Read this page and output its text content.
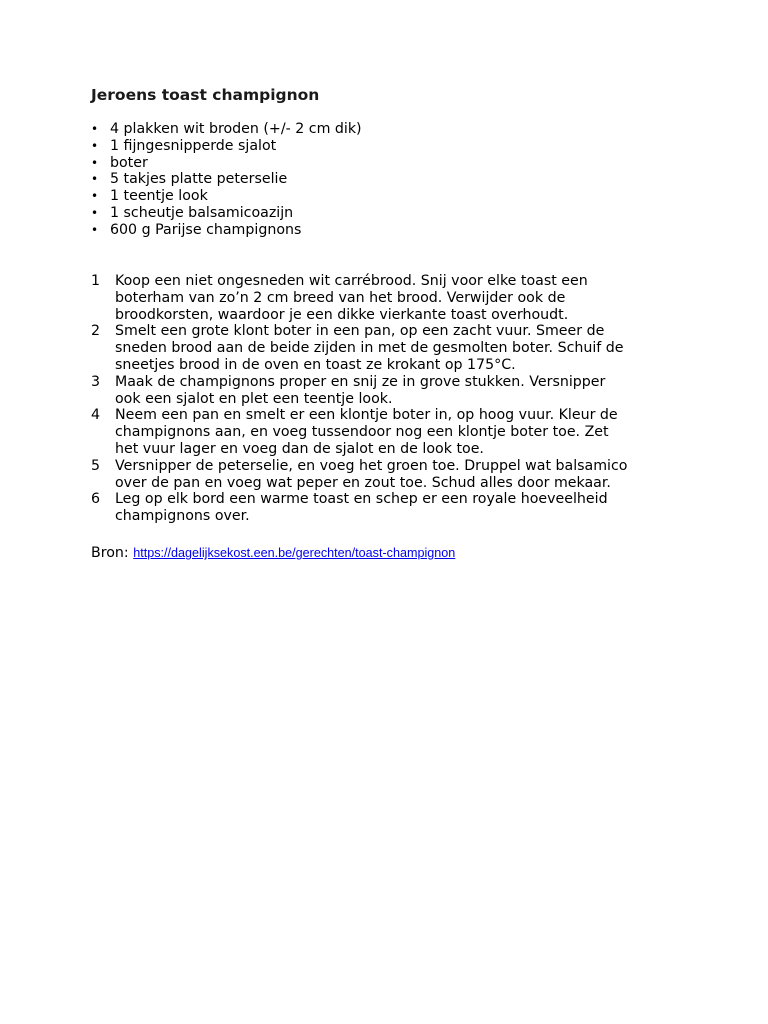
Jeroens toast champignon
• 4 plakken wit broden (+/- 2 cm dik)
• 1 fijngesnipperde sjalot
• boter
• 5 takjes platte peterselie
• 1 teentje look
• 1 scheutje balsamicoazijn
• 600 g Parijse champignons
1 Koop een niet ongesneden wit carrébrood. Snij voor elke toast een
boterham van zo’n 2 cm breed van het brood. Verwijder ook de
broodkorsten, waardoor je een dikke vierkante toast overhoudt.
2 Smelt een grote klont boter in een pan, op een zacht vuur. Smeer de
sneden brood aan de beide zijden in met de gesmolten boter. Schuif de
sneetjes brood in de oven en toast ze krokant op 175°C.
3 Maak de champignons proper en snij ze in grove stukken. Versnipper
ook een sjalot en plet een teentje look.
4 Neem een pan en smelt er een klontje boter in, op hoog vuur. Kleur de
champignons aan, en voeg tussendoor nog een klontje boter toe. Zet
het vuur lager en voeg dan de sjalot en de look toe.
5 Versnipper de peterselie, en voeg het groen toe. Druppel wat balsamico
over de pan en voeg wat peper en zout toe. Schud alles door mekaar.
6 Leg op elk bord een warme toast en schep er een royale hoeveelheid
champignons over.
Bron: https://dagelijksekost.een.be/gerechten/toast-champignon
